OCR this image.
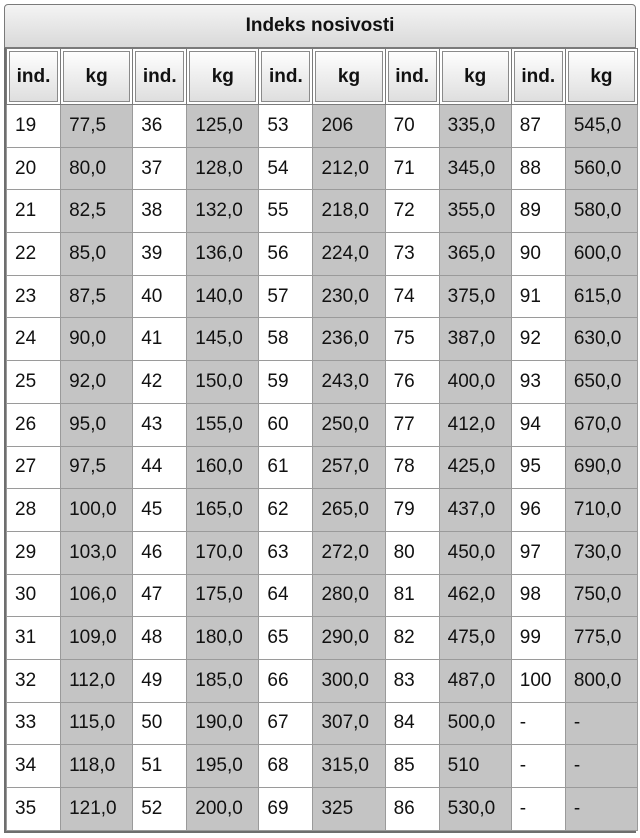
Indeks nosivosti
ind.	kg	ind.	kg	ind.	kg	ind.	kg	ind.	kg
19	77,5	36	125,0	53	206	70	335,0	87	545,0
20	80,0	37	128,0	54	212,0	71	345,0	88	560,0
21	82,5	38	132,0	55	218,0	72	355,0	89	580,0
22	85,0	39	136,0	56	224,0	73	365,0	90	600,0
23	87,5	40	140,0	57	230,0	74	375,0	91	615,0
24	90,0	41	145,0	58	236,0	75	387,0	92	630,0
25	92,0	42	150,0	59	243,0	76	400,0	93	650,0
26	95,0	43	155,0	60	250,0	77	412,0	94	670,0
27	97,5	44	160,0	61	257,0	78	425,0	95	690,0
28	100,0	45	165,0	62	265,0	79	437,0	96	710,0
29	103,0	46	170,0	63	272,0	80	450,0	97	730,0
30	106,0	47	175,0	64	280,0	81	462,0	98	750,0
31	109,0	48	180,0	65	290,0	82	475,0	99	775,0
32	112,0	49	185,0	66	300,0	83	487,0	100	800,0
33	115,0	50	190,0	67	307,0	84	500,0	-	-
34	118,0	51	195,0	68	315,0	85	510	-	-
35	121,0	52	200,0	69	325	86	530,0	-	-
